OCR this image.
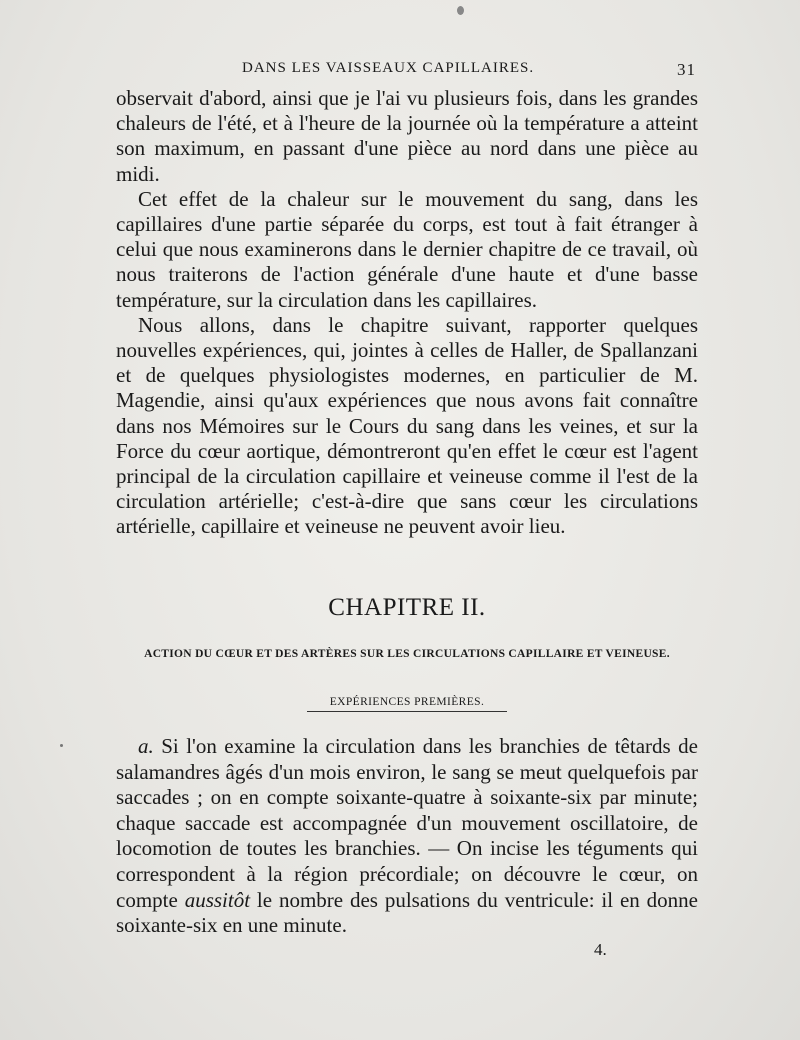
DANS LES VAISSEAUX CAPILLAIRES.	31

observait d'abord, ainsi que je l'ai vu plusieurs fois, dans les grandes chaleurs de l'été, et à l'heure de la journée où la température a atteint son maximum, en passant d'une pièce au nord dans une pièce au midi.

Cet effet de la chaleur sur le mouvement du sang, dans les capillaires d'une partie séparée du corps, est tout à fait étranger à celui que nous examinerons dans le dernier chapitre de ce travail, où nous traiterons de l'action générale d'une haute et d'une basse température, sur la circulation dans les capillaires.

Nous allons, dans le chapitre suivant, rapporter quelques nouvelles expériences, qui, jointes à celles de Haller, de Spallanzani et de quelques physiologistes modernes, en particulier de M. Magendie, ainsi qu'aux expériences que nous avons fait connaître dans nos Mémoires sur le Cours du sang dans les veines, et sur la Force du cœur aortique, démontreront qu'en effet le cœur est l'agent principal de la circulation capillaire et veineuse comme il l'est de la circulation artérielle; c'est-à-dire que sans cœur les circulations artérielle, capillaire et veineuse ne peuvent avoir lieu.

CHAPITRE II.
ACTION DU CŒUR ET DES ARTÈRES SUR LES CIRCULATIONS CAPILLAIRE ET VEINEUSE.
EXPÉRIENCES PREMIÈRES.

a. Si l'on examine la circulation dans les branchies de têtards de salamandres âgés d'un mois environ, le sang se meut quelquefois par saccades ; on en compte soixante-quatre à soixante-six par minute; chaque saccade est accompagnée d'un mouvement oscillatoire, de locomotion de toutes les branchies. — On incise les téguments qui correspondent à la région précordiale; on découvre le cœur, on compte aussitôt le nombre des pulsations du ventricule: il en donne soixante-six en une minute.

4.
